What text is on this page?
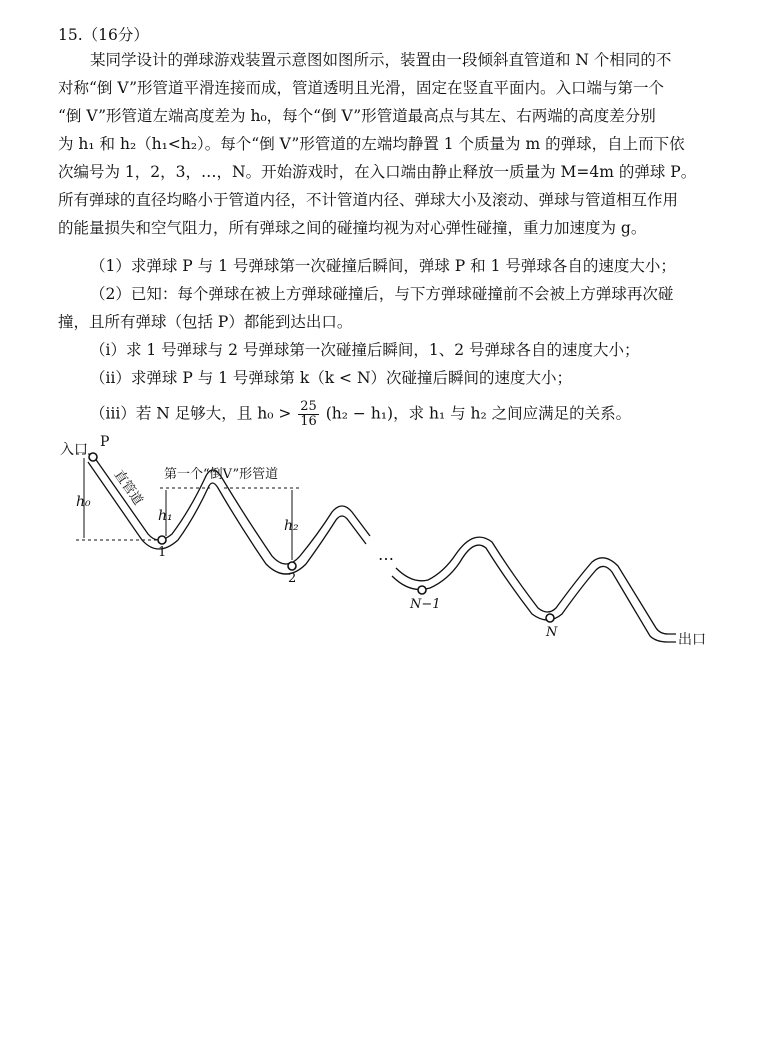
15.（16分）
某同学设计的弹球游戏装置示意图如图所示，装置由一段倾斜直管道和 N 个相同的不
对称“倒 V”形管道平滑连接而成，管道透明且光滑，固定在竖直平面内。入口端与第一个
“倒 V”形管道左端高度差为 h₀，每个“倒 V”形管道最高点与其左、右两端的高度差分别
为 h₁ 和 h₂（h₁<h₂）。每个“倒 V”形管道的左端均静置 1 个质量为 m 的弹球，自上而下依
次编号为 1，2，3，…，N。开始游戏时，在入口端由静止释放一质量为 M=4m 的弹球 P。
所有弹球的直径均略小于管道内径，不计管道内径、弹球大小及滚动、弹球与管道相互作用
的能量损失和空气阻力，所有弹球之间的碰撞均视为对心弹性碰撞，重力加速度为 g。
（1）求弹球 P 与 1 号弹球第一次碰撞后瞬间，弹球 P 和 1 号弹球各自的速度大小；
（2）已知：每个弹球在被上方弹球碰撞后，与下方弹球碰撞前不会被上方弹球再次碰
撞，且所有弹球（包括 P）都能到达出口。
（ⅰ）求 1 号弹球与 2 号弹球第一次碰撞后瞬间，1、2 号弹球各自的速度大小；
（ⅱ）求弹球 P 与 1 号弹球第 k（k < N）次碰撞后瞬间的速度大小；
（ⅲ）若 N 足够大，且 $h_0 > \frac{25}{16} (h_2 - h_1)$，求 h₁ 与 h₂ 之间应满足的关系。
…
入口 P
直管道 第一个“倒V”形管道
h₀
h₁
h₂
1
2
N−1
N	出口
